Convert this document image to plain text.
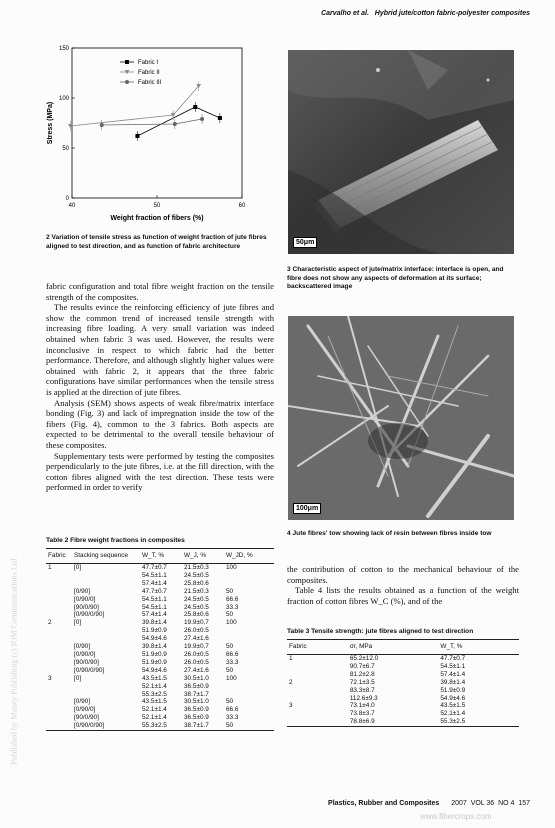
Carvalho et al. Hybrid jute/cotton fabric-polyester composites
Published by Maney Publishing (c) IOM Communications Ltd
40	50	60
0
50
100
150
Weight fraction of fibers (%)
Stress (MPa)
Fabric I
Fabric II
Fabric III
2 Variation of tensile stress as function of weight fraction of jute fibres aligned to test direction, and as function of fabric architecture
50μm
3 Characteristic aspect of jute/matrix interface: interface is open, and fibre does not show any aspects of deformation at its surface; backscattered image
100μm
4 Jute fibres' tow showing lack of resin between fibres inside tow

fabric configuration and total fibre weight fraction on the tensile strength of the composites.

The results evince the reinforcing efficiency of jute fibres and show the common trend of increased tensile strength with increasing fibre loading. A very small variation was indeed obtained when fabric 3 was used. However, the results were inconclusive in respect to which fabric had the better performance. Therefore, and although slightly higher values were obtained with fabric 2, it appears that the three fabric configurations have similar performances when the tensile stress is applied at the direction of jute fibres.

Analysis (SEM) shows aspects of weak fibre/matrix interface bonding (Fig. 3) and lack of impregnation inside the tow of the fibers (Fig. 4), common to the 3 fabrics. Both aspects are expected to be detrimental to the overall tensile behaviour of these composites.

Supplementary tests were performed by testing the composites perpendicularly to the jute fibres, i.e. at the fill direction, with the cotton fibres aligned with the test direction. These tests were performed in order to verify

Table 2 Fibre weight fractions in composites
Fabric	Stacking sequence	W_T, %	W_J, %	W_JD, %
1	[0]	47.7±0.7	21.5±0.3	100
		54.5±1.1	24.5±0.5	
		57.4±1.4	25.8±0.6	
	[0/90]	47.7±0.7	21.5±0.3	50
	[0/90/0]	54.5±1.1	24.5±0.5	66.6
	[90/0/90]	54.5±1.1	24.5±0.5	33.3
	[0/90/0/90]	57.4±1.4	25.8±0.6	50
2	[0]	39.8±1.4	19.9±0.7	100
		51.9±0.9	26.0±0.5	
		54.9±4.6	27.4±1.6	
	[0/90]	39.8±1.4	19.9±0.7	50
	[0/90/0]	51.9±0.9	26.0±0.5	66.6
	[90/0/90]	51.9±0.9	26.0±0.5	33.3
	[0/90/0/90]	54.9±4.6	27.4±1.6	50
3	[0]	43.5±1.5	30.5±1.0	100
		52.1±1.4	36.5±0.9	
		55.3±2.5	38.7±1.7	
	[0/90]	43.5±1.5	30.5±1.0	50
	[0/90/0]	52.1±1.4	36.5±0.9	66.6
	[90/0/90]	52.1±1.4	36.5±0.9	33.3
	[0/90/0/90]	55.3±2.5	38.7±1.7	50

the contribution of cotton to the mechanical behaviour of the composites.

Table 4 lists the results obtained as a function of the weight fraction of cotton fibres W_C (%), and of the

Table 3 Tensile strength: jute fibres aligned to test direction
Fabric	σr, MPa	W_T, %
1	65.2±12.0	47.7±0.7
	90.7±6.7	54.5±1.1
	81.2±2.8	57.4±1.4
2	72.1±3.5	39.8±1.4
	83.3±8.7	51.9±0.9
	112.6±9.3	54.9±4.6
3	73.1±4.0	43.5±1.5
	73.8±3.7	52.1±1.4
	78.8±6.9	55.3±2.5
Plastics, Rubber and Composites 2007 VOL 36 NO 4 157
www.fibercrops.com
